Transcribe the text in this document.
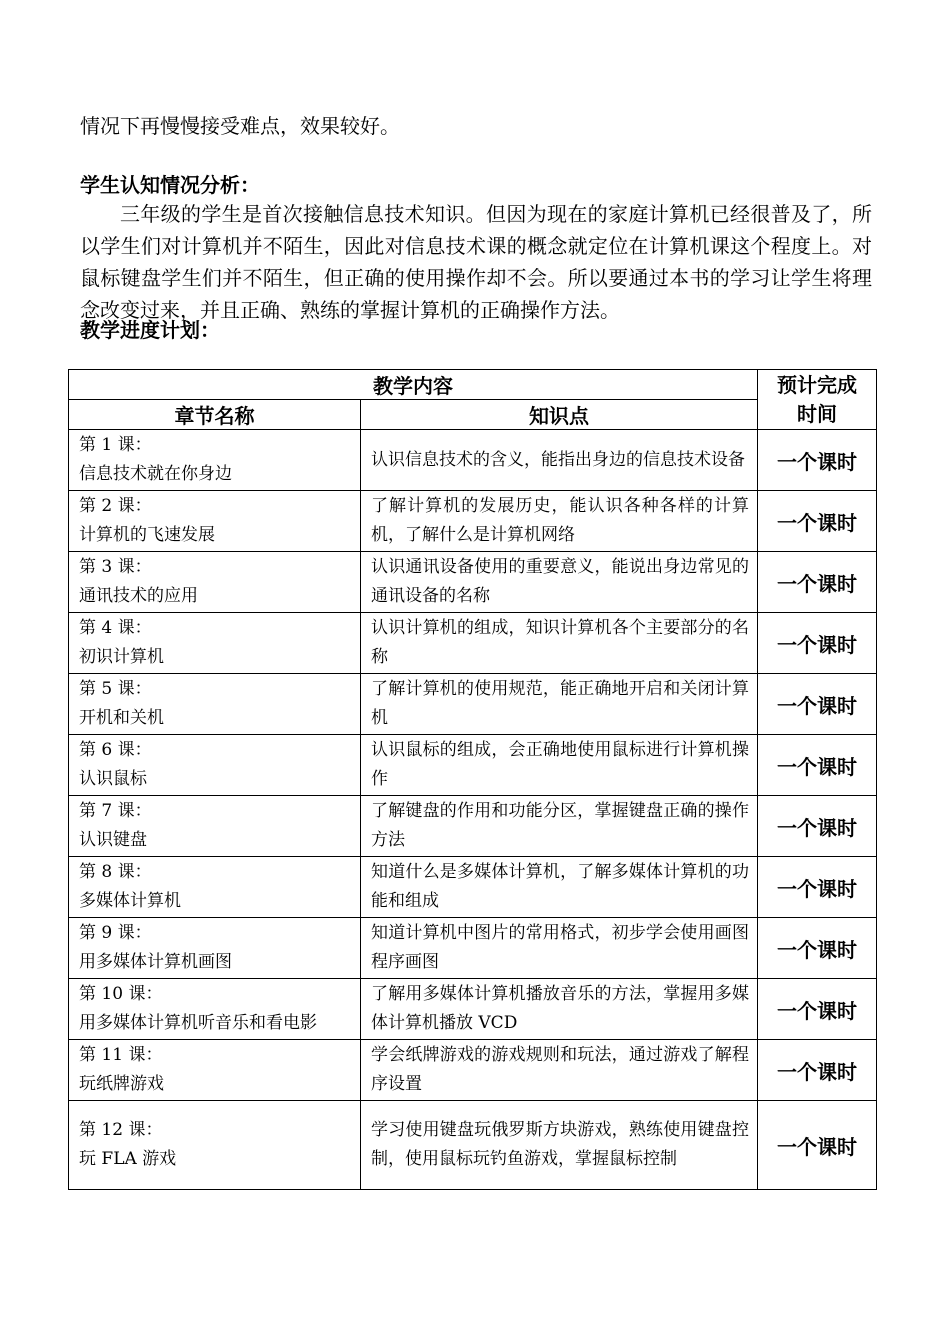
情况下再慢慢接受难点，效果较好。
学生认知情况分析：
三年级的学生是首次接触信息技术知识。但因为现在的家庭计算机已经很普及了，所以学生们对计算机并不陌生，因此对信息技术课的概念就定位在计算机课这个程度上。对鼠标键盘学生们并不陌生，但正确的使用操作却不会。所以要通过本书的学习让学生将理念改变过来，并且正确、熟练的掌握计算机的正确操作方法。
教学进度计划：
教学内容		预计完成
时间

章节名称	知识点	

第 1 课：
信息技术就在你身边	认识信息技术的含义，能指出身边的信息技术设备	一个课时

第 2 课：
计算机的飞速发展	了解计算机的发展历史，能认识各种各样的计算机，了解什么是计算机网络	一个课时

第 3 课：
通讯技术的应用	认识通讯设备使用的重要意义，能说出身边常见的通讯设备的名称	一个课时

第 4 课：
初识计算机	认识计算机的组成，知识计算机各个主要部分的名称	一个课时

第 5 课：
开机和关机	了解计算机的使用规范，能正确地开启和关闭计算机	一个课时

第 6 课：
认识鼠标	认识鼠标的组成，会正确地使用鼠标进行计算机操作	一个课时

第 7 课：
认识键盘	了解键盘的作用和功能分区，掌握键盘正确的操作方法	一个课时

第 8 课：
多媒体计算机	知道什么是多媒体计算机，了解多媒体计算机的功能和组成	一个课时

第 9 课：
用多媒体计算机画图	知道计算机中图片的常用格式，初步学会使用画图程序画图	一个课时

第 10 课：
用多媒体计算机听音乐和看电影	了解用多媒体计算机播放音乐的方法，掌握用多媒体计算机播放 VCD	一个课时

第 11 课：
玩纸牌游戏	学会纸牌游戏的游戏规则和玩法，通过游戏了解程序设置	一个课时

第 12 课：
玩 FLA 游戏	学习使用键盘玩俄罗斯方块游戏，熟练使用键盘控制，使用鼠标玩钓鱼游戏，掌握鼠标控制	一个课时
